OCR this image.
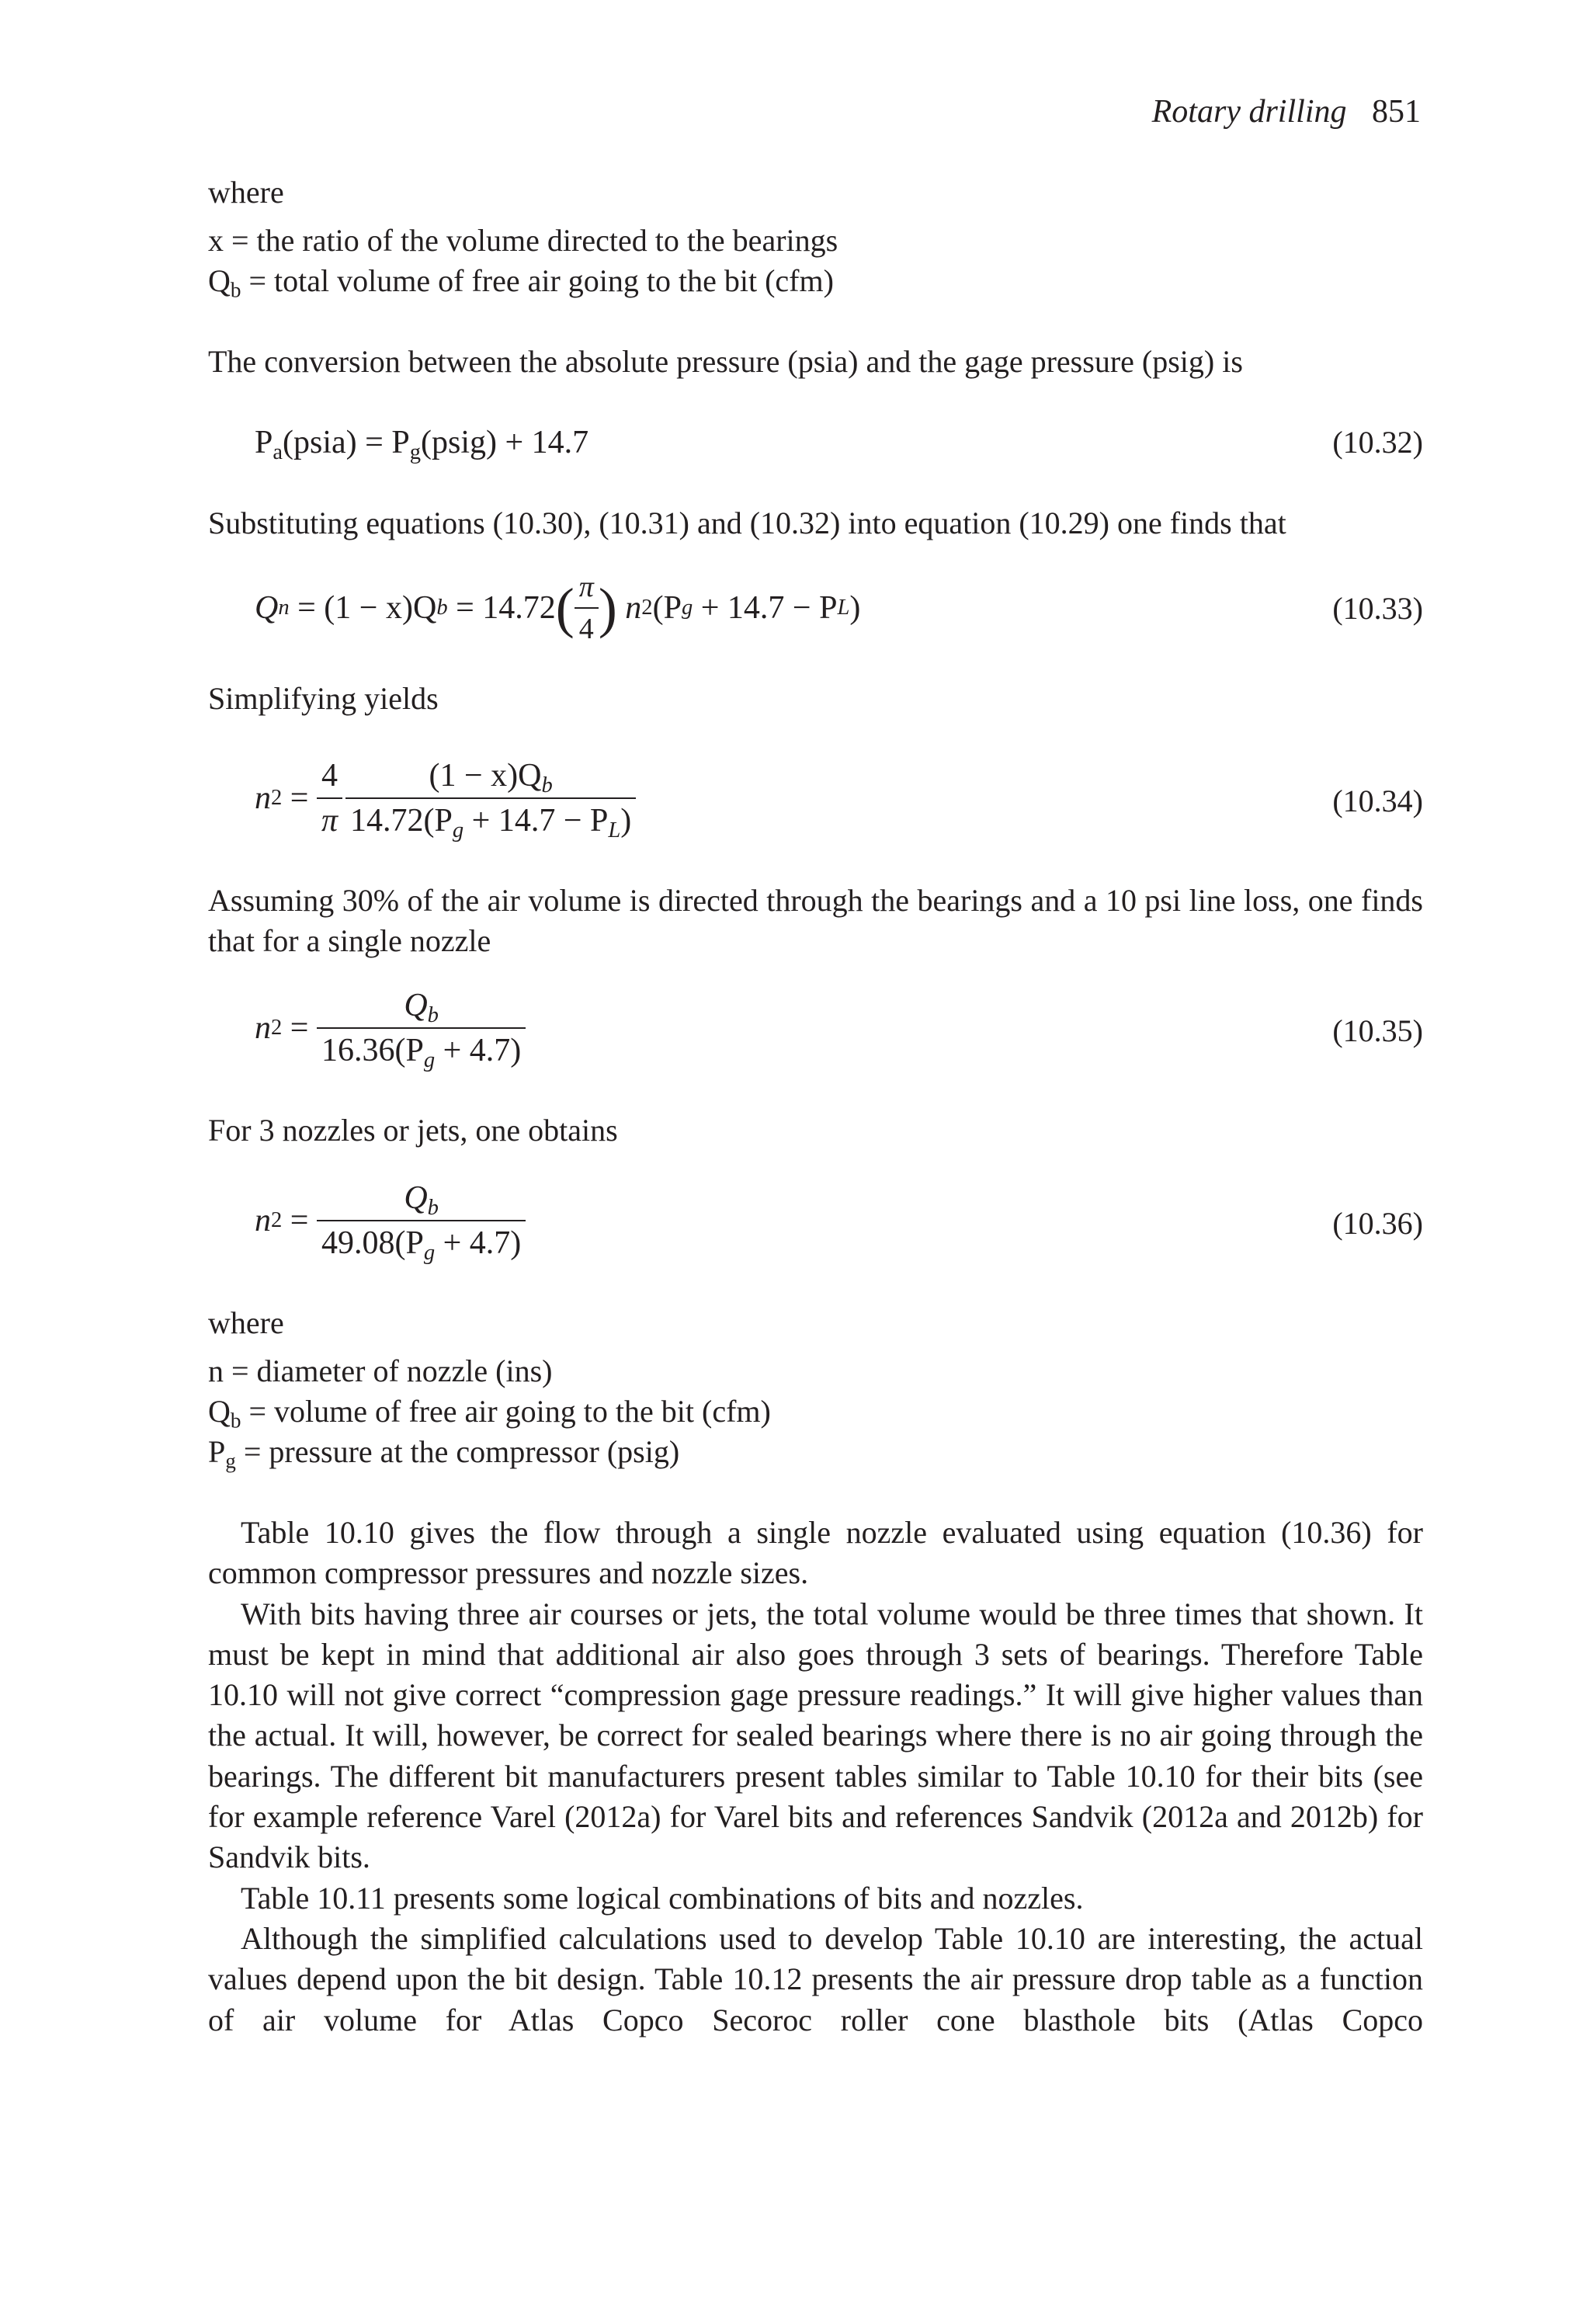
Rotary drilling 851
where
x = the ratio of the volume directed to the bearings
$Q_b$ = total volume of free air going to the bit (cfm)
The conversion between the absolute pressure (psia) and the gage pressure (psig) is
$P_a(psia)$ = $P_g(psig) + 14.7$	(10.32)
Substituting equations (10.30), (10.31) and (10.32) into equation (10.29) one finds that
Q n = (1 − x)Q b = 14.72 ( $\frac{\pi}{4}$ ) n 2 (P g + 14.7 − P L )	(10.33)
Simplifying yields
n $2 = \frac{4}{\pi} \frac{(1 - x)Q_b}{14.72(P_g + 14.7 - P_L)}$	(10.34)
Assuming 30% of the air volume is directed through the bearings and a 10 psi line loss, one finds that for a single nozzle
n $2 = \frac{Q_b}{16.36(P_g + 4.7)}$	(10.35)
For 3 nozzles or jets, one obtains
n $2 = \frac{Q_b}{49.08(P_g + 4.7)}$	(10.36)
where
n = diameter of nozzle (ins)
$Q_b$ = volume of free air going to the bit (cfm)
$P_g$ = pressure at the compressor (psig)

Table 10.10 gives the flow through a single nozzle evaluated using equation (10.36) for common compressor pressures and nozzle sizes.

With bits having three air courses or jets, the total volume would be three times that shown. It must be kept in mind that additional air also goes through 3 sets of bearings. Therefore Table 10.10 will not give correct “compression gage pressure readings.” It will give higher values than the actual. It will, however, be correct for sealed bearings where there is no air going through the bearings. The different bit manufacturers present tables similar to Table 10.10 for their bits (see for example reference Varel (2012a) for Varel bits and references Sandvik (2012a and 2012b) for Sandvik bits.

Table 10.11 presents some logical combinations of bits and nozzles.

Although the simplified calculations used to develop Table 10.10 are interesting, the actual values depend upon the bit design. Table 10.12 presents the air pressure drop table as a function of air volume for Atlas Copco Secoroc roller cone blasthole bits (Atlas Copco
